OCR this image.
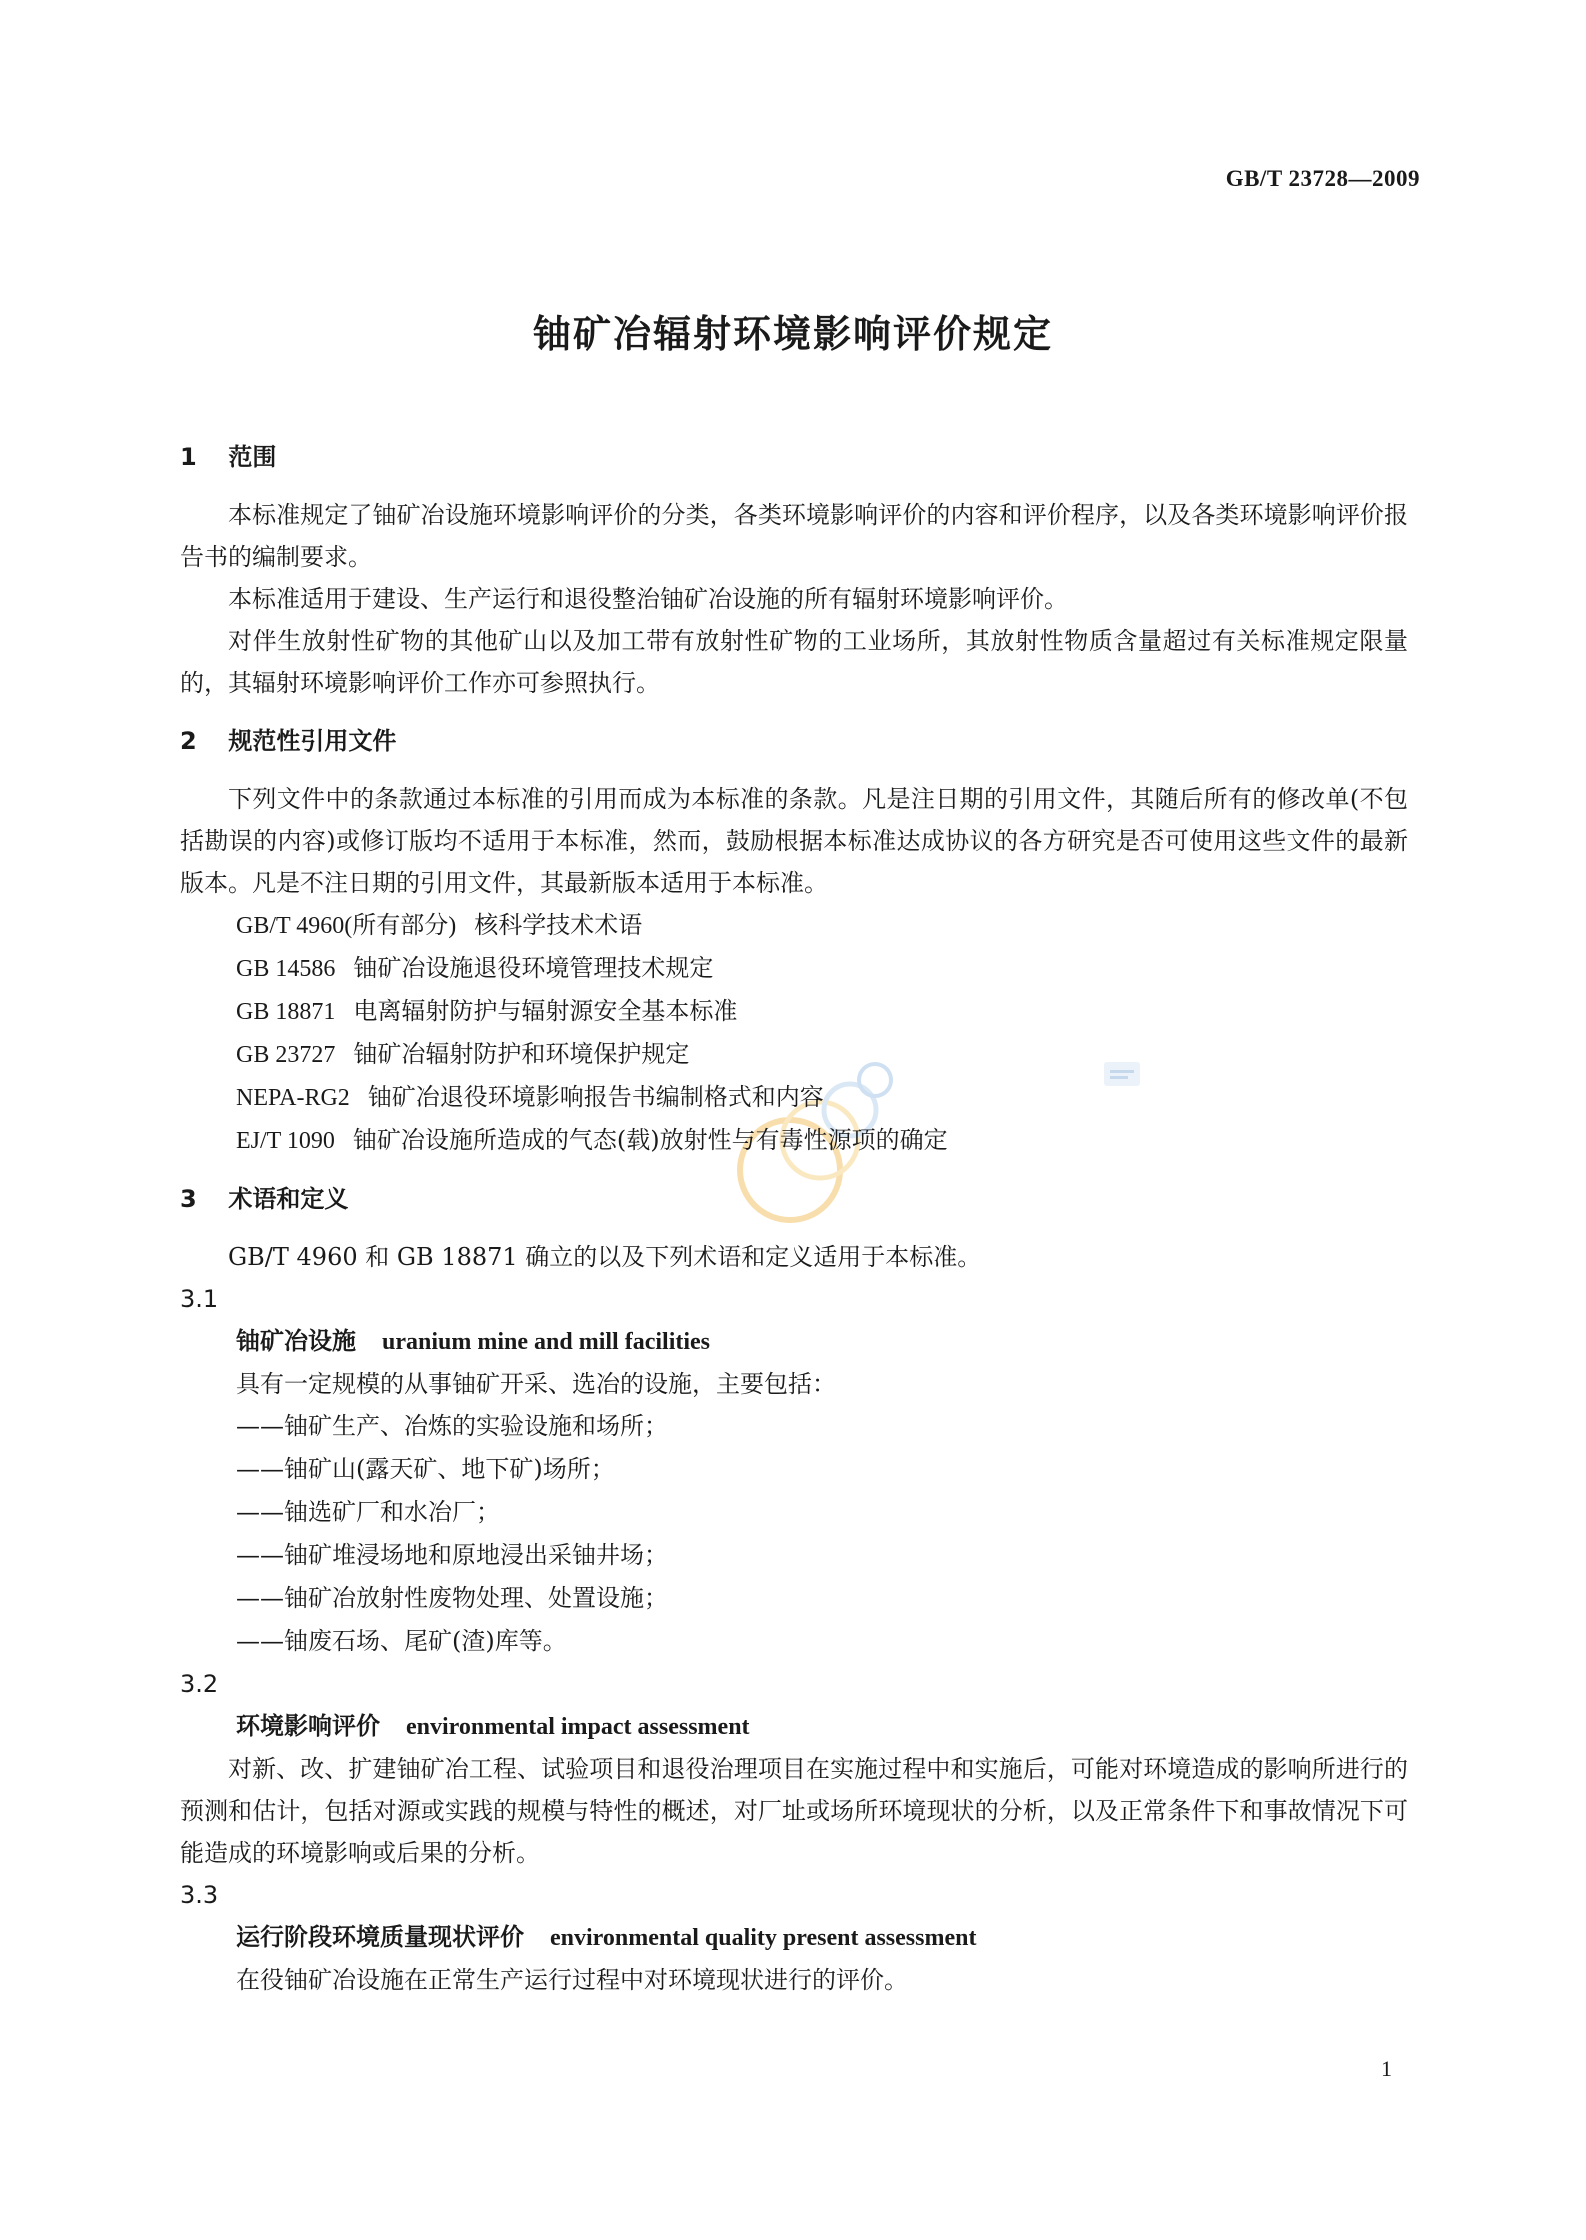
GB/T 23728—2009
铀矿冶辐射环境影响评价规定
1 范围

本标准规定了铀矿冶设施环境影响评价的分类，各类环境影响评价的内容和评价程序，以及各类环境影响评价报告书的编制要求。

本标准适用于建设、生产运行和退役整治铀矿冶设施的所有辐射环境影响评价。

对伴生放射性矿物的其他矿山以及加工带有放射性矿物的工业场所，其放射性物质含量超过有关标准规定限量的，其辐射环境影响评价工作亦可参照执行。

2 规范性引用文件

下列文件中的条款通过本标准的引用而成为本标准的条款。凡是注日期的引用文件，其随后所有的修改单(不包括勘误的内容)或修订版均不适用于本标准，然而，鼓励根据本标准达成协议的各方研究是否可使用这些文件的最新版本。凡是不注日期的引用文件，其最新版本适用于本标准。

GB/T 4960(所有部分) 核科学技术术语

GB 14586 铀矿冶设施退役环境管理技术规定

GB 18871 电离辐射防护与辐射源安全基本标准

GB 23727 铀矿冶辐射防护和环境保护规定

NEPA-RG2 铀矿冶退役环境影响报告书编制格式和内容

EJ/T 1090 铀矿冶设施所造成的气态(载)放射性与有毒性源项的确定

3 术语和定义

GB/T 4960 和 GB 18871 确立的以及下列术语和定义适用于本标准。

3.1

铀矿冶设施 uranium mine and mill facilities

具有一定规模的从事铀矿开采、选冶的设施，主要包括：

——铀矿生产、冶炼的实验设施和场所；

——铀矿山(露天矿、地下矿)场所；

——铀选矿厂和水冶厂；

——铀矿堆浸场地和原地浸出采铀井场；

——铀矿冶放射性废物处理、处置设施；

——铀废石场、尾矿(渣)库等。

3.2

环境影响评价 environmental impact assessment

对新、改、扩建铀矿冶工程、试验项目和退役治理项目在实施过程中和实施后，可能对环境造成的影响所进行的预测和估计，包括对源或实践的规模与特性的概述，对厂址或场所环境现状的分析，以及正常条件下和事故情况下可能造成的环境影响或后果的分析。

3.3

运行阶段环境质量现状评价 environmental quality present assessment

在役铀矿冶设施在正常生产运行过程中对环境现状进行的评价。

1
